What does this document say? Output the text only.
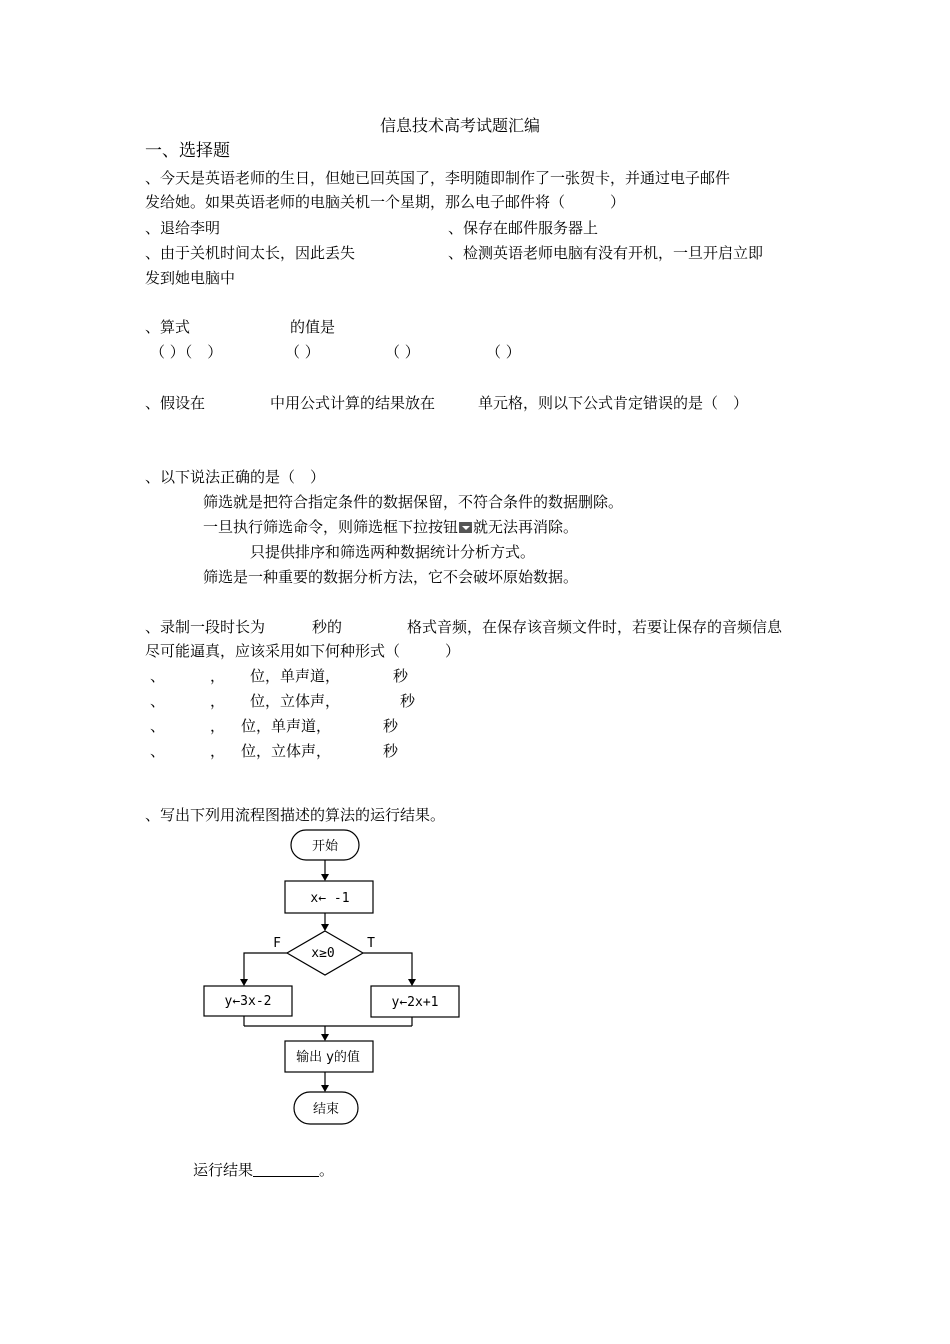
信息技术高考试题汇编
一、选择题
、今天是英语老师的生日，但她已回英国了，李明随即制作了一张贺卡，并通过电子邮件
发给她。如果英语老师的电脑关机一个星期，那么电子邮件将（　　　）
、退给李明	、保存在邮件服务器上
、由于关机时间太长，因此丢失	、检测英语老师电脑有没有开机，一旦开启立即
发到她电脑中
、算式	的值是
（ ）（　）	（ ）	（ ）	（ ）
、假设在	中用公式计算的结果放在	单元格，则以下公式肯定错误的是（　）
、以下说法正确的是（　）
筛选就是把符合指定条件的数据保留，不符合条件的数据删除。
一旦执行筛选命令，则筛选框下拉按钮 就无法再消除。
只提供排序和筛选两种数据统计分析方式。
筛选是一种重要的数据分析方法，它不会破坏原始数据。
、录制一段时长为	秒的	格式音频，在保存该音频文件时，若要让保存的音频信息
尽可能逼真，应该采用如下何种形式（　　　）
、	， 位，单声道，	秒
、	， 位，立体声，	秒
、	， 位，单声道，	秒
、	， 位，立体声，	秒
、写出下列用流程图描述的算法的运行结果。
开始
x← -1
x≥0
F	T
y←3x-2	y←2x+1
输出 y的值
结束
运行结果	。
